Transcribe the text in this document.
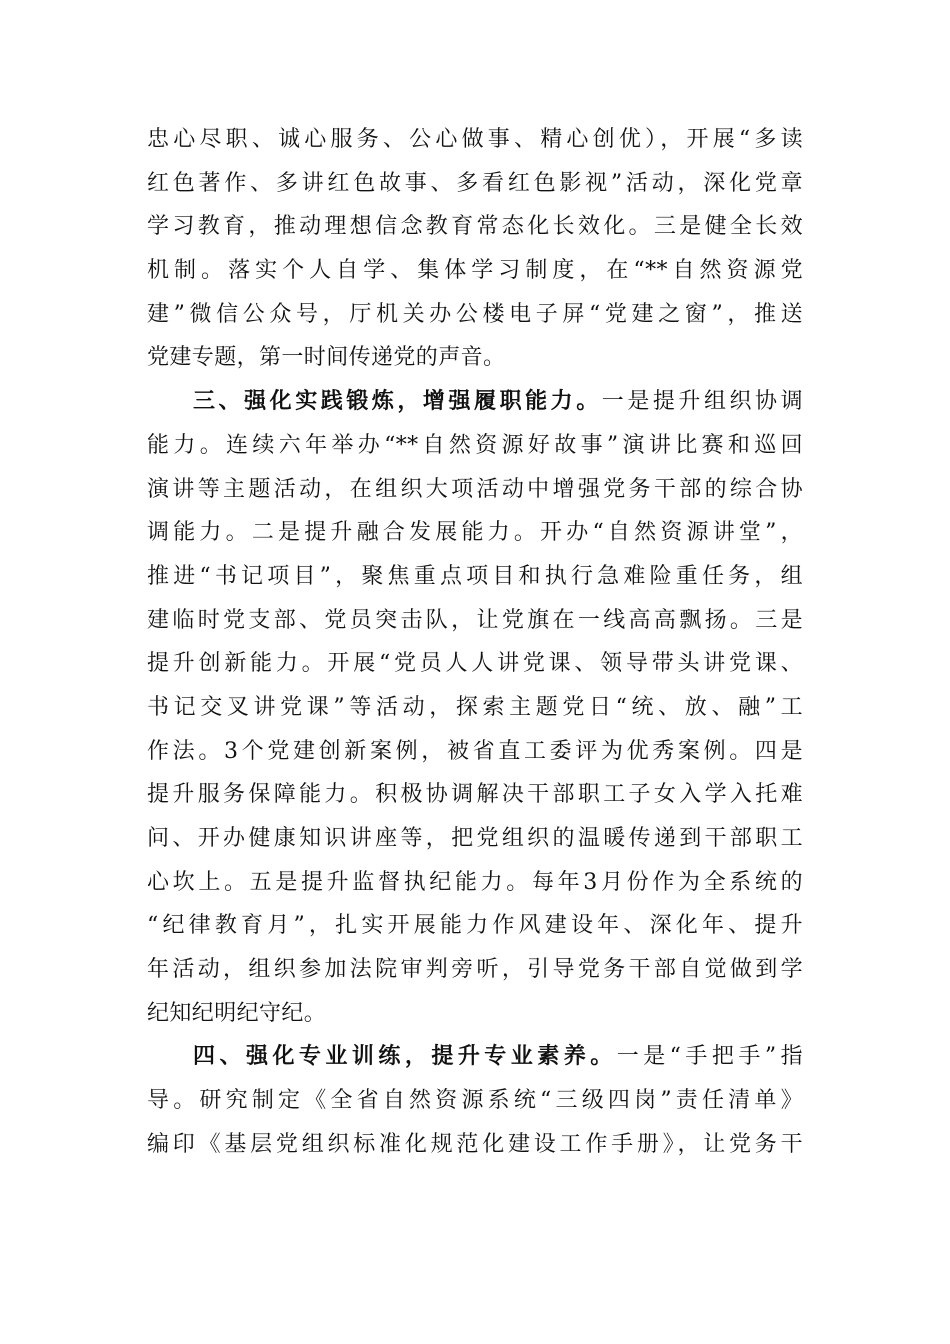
忠心尽职、诚心服务、公心做事、精心创优），开展“多读
红色著作、多讲红色故事、多看红色影视”活动，深化党章
学习教育，推动理想信念教育常态化长效化。三是健全长效
机制。落实个人自学、集体学习制度，在“**自然资源党
建”微信公众号，厅机关办公楼电子屏“党建之窗”，推送
党建专题，第一时间传递党的声音。
三、强化实践锻炼，增强履职能力。一是提升组织协调
能力。连续六年举办“**自然资源好故事”演讲比赛和巡回
演讲等主题活动，在组织大项活动中增强党务干部的综合协
调能力。二是提升融合发展能力。开办“自然资源讲堂”，
推进“书记项目”，聚焦重点项目和执行急难险重任务，组
建临时党支部、党员突击队，让党旗在一线高高飘扬。三是
提升创新能力。开展“党员人人讲党课、领导带头讲党课、
书记交叉讲党课”等活动，探索主题党日“统、放、融”工
作法。3个党建创新案例，被省直工委评为优秀案例。四是
提升服务保障能力。积极协调解决干部职工子女入学入托难
问、开办健康知识讲座等，把党组织的温暖传递到干部职工
心坎上。五是提升监督执纪能力。每年3月份作为全系统的
“纪律教育月”，扎实开展能力作风建设年、深化年、提升
年活动，组织参加法院审判旁听，引导党务干部自觉做到学
纪知纪明纪守纪。
四、强化专业训练，提升专业素养。一是“手把手”指
导。研究制定《全省自然资源系统“三级四岗”责任清单》
编印《基层党组织标准化规范化建设工作手册》，让党务干
